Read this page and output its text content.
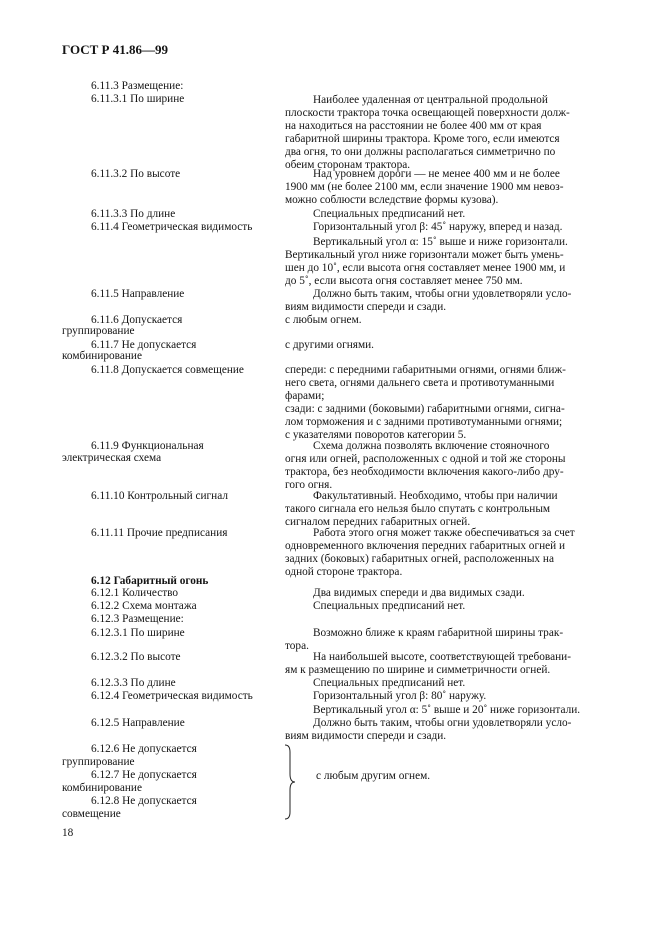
ГОСТ Р 41.86—99
6.11.3 Размещение:
6.11.3.1 По ширине
6.11.3.2 По высоте
6.11.3.3 По длине
6.11.4 Геометрическая видимость
6.11.5 Направление
6.11.6 Допускается
группирование
6.11.7 Не допускается
комбинирование
6.11.8 Допускается совмещение
6.11.9 Функциональная
электрическая схема
6.11.10 Контрольный сигнал
6.11.11 Прочие предписания
6.12 Габаритный огонь
6.12.1 Количество
6.12.2 Схема монтажа
6.12.3 Размещение:
6.12.3.1 По ширине
6.12.3.2 По высоте
6.12.3.3 По длине
6.12.4 Геометрическая видимость
6.12.5 Направление
6.12.6 Не допускается
группирование
6.12.7 Не допускается
комбинирование
6.12.8 Не допускается
совмещение
Наиболее удаленная от центральной продольной
плоскости трактора точка освещающей поверхности долж-
на находиться на расстоянии не более 400 мм от края
габаритной ширины трактора. Кроме того, если имеются
два огня, то они должны располагаться симметрично по
обеим сторонам трактора.
Над уровнем дороги — не менее 400 мм и не более
1900 мм (не более 2100 мм, если значение 1900 мм невоз-
можно соблюсти вследствие формы кузова).
Специальных предписаний нет.
Горизонтальный угол β: 45˚ наружу, вперед и назад.
Вертикальный угол α: 15˚ выше и ниже горизонтали.
Вертикальный угол ниже горизонтали может быть умень-
шен до 10˚, если высота огня составляет менее 1900 мм, и
до 5˚, если высота огня составляет менее 750 мм.
Должно быть таким, чтобы огни удовлетворяли усло-
виям видимости спереди и сзади.
с любым огнем.
с другими огнями.
спереди: с передними габаритными огнями, огнями ближ-
него света, огнями дальнего света и противотуманными
фарами;
сзади: с задними (боковыми) габаритными огнями, сигна-
лом торможения и с задними противотуманными огнями;
с указателями поворотов категории 5.
Схема должна позволять включение стояночного
огня или огней, расположенных с одной и той же стороны
трактора, без необходимости включения какого-либо дру-
гого огня.
Факультативный. Необходимо, чтобы при наличии
такого сигнала его нельзя было спутать с контрольным
сигналом передних габаритных огней.
Работа этого огня может также обеспечиваться за счет
одновременного включения передних габаритных огней и
задних (боковых) габаритных огней, расположенных на
одной стороне трактора.
Два видимых спереди и два видимых сзади.
Специальных предписаний нет.
Возможно ближе к краям габаритной ширины трак-
тора.
На наибольшей высоте, соответствующей требовани-
ям к размещению по ширине и симметричности огней.
Специальных предписаний нет.
Горизонтальный угол β: 80˚ наружу.
Вертикальный угол α: 5˚ выше и 20˚ ниже горизонтали.
Должно быть таким, чтобы огни удовлетворяли усло-
виям видимости спереди и сзади.
с любым другим огнем.
18
